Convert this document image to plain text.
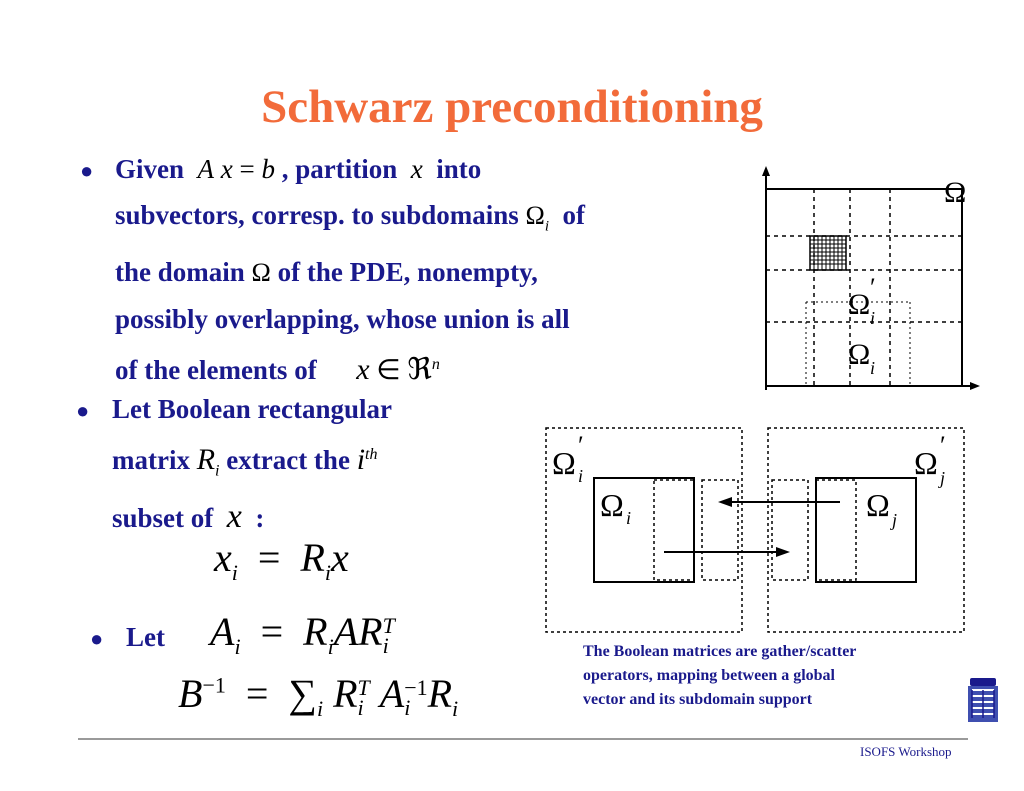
Schwarz preconditioning
● Given A x = b , partition x into
subvectors, corresp. to subdomains $\Omega_i$ of
the domain Ω of the PDE, nonempty,
possibly overlapping, whose union is all
of the elements of x ∈ ℜ$^n$
Ω
Ω
′
i
Ω i
● Let Boolean rectangular
matrix $R_i$ extract the $i^{th}$
subset of x :
$x_i = R_ix$
Ω ′
i	Ω ′
j
Ω i	Ω j
● Let $A_i = R_iAR$ T
i
$B^{-1} = \sum_i$ R T
i A −1
i $R_i$
The Boolean matrices are gather/scatter
operators, mapping between a global
vector and its subdomain support
ISOFS Workshop
